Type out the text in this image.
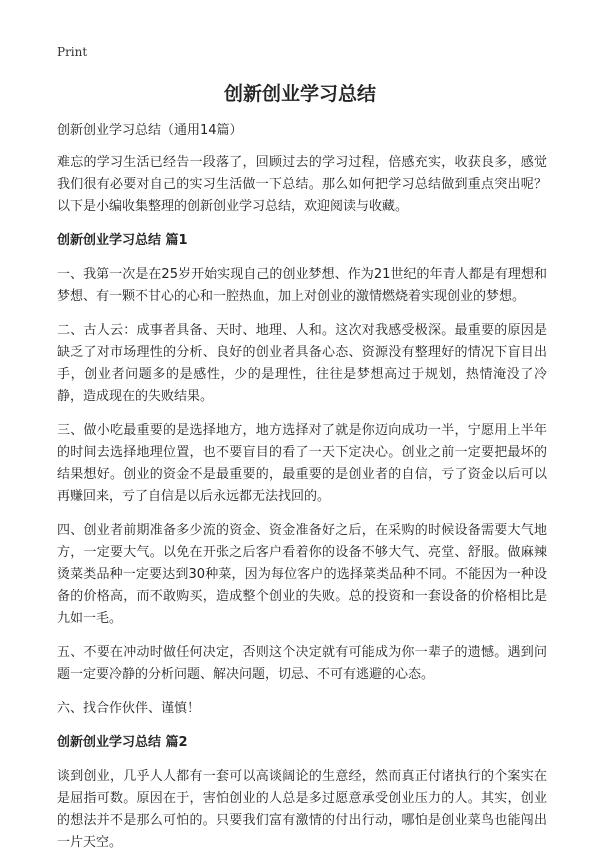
Print
创新创业学习总结

创新创业学习总结（通用14篇）

难忘的学习生活已经告一段落了，回顾过去的学习过程，倍感充实，收获良多，感觉我们很有必要对自己的实习生活做一下总结。那么如何把学习总结做到重点突出呢？以下是小编收集整理的创新创业学习总结，欢迎阅读与收藏。

创新创业学习总结 篇1

一、我第一次是在25岁开始实现自己的创业梦想、作为21世纪的年青人都是有理想和梦想、有一颗不甘心的心和一腔热血，加上对创业的激情燃烧着实现创业的梦想。

二、古人云：成事者具备、天时、地理、人和。这次对我感受极深。最重要的原因是缺乏了对市场理性的分析、良好的创业者具备心态、资源没有整理好的情况下盲目出手，创业者问题多的是感性，少的是理性，往往是梦想高过于规划，热情淹没了冷静，造成现在的失败结果。

三、做小吃最重要的是选择地方，地方选择对了就是你迈向成功一半，宁愿用上半年的时间去选择地理位置，也不要盲目的看了一天下定决心。创业之前一定要把最坏的结果想好。创业的资金不是最重要的，最重要的是创业者的自信，亏了资金以后可以再赚回来，亏了自信是以后永远都无法找回的。

四、创业者前期准备多少流的资金、资金准备好之后，在采购的时候设备需要大气地方，一定要大气。以免在开张之后客户看着你的设备不够大气、亮堂、舒服。做麻辣烫菜类品种一定要达到30种菜，因为每位客户的选择菜类品种不同。不能因为一种设备的价格高，而不敢购买，造成整个创业的失败。总的投资和一套设备的价格相比是九如一毛。

五、不要在冲动时做任何决定，否则这个决定就有可能成为你一辈子的遗憾。遇到问题一定要冷静的分析问题、解决问题，切忌、不可有逃避的心态。

六、找合作伙伴、谨慎！

创新创业学习总结 篇2

谈到创业，几乎人人都有一套可以高谈阔论的生意经，然而真正付诸执行的个案实在是屈指可数。原因在于，害怕创业的人总是多过愿意承受创业压力的人。其实，创业的想法并不是那么可怕的。只要我们富有激情的付出行动，哪怕是创业菜鸟也能闯出一片天空。
